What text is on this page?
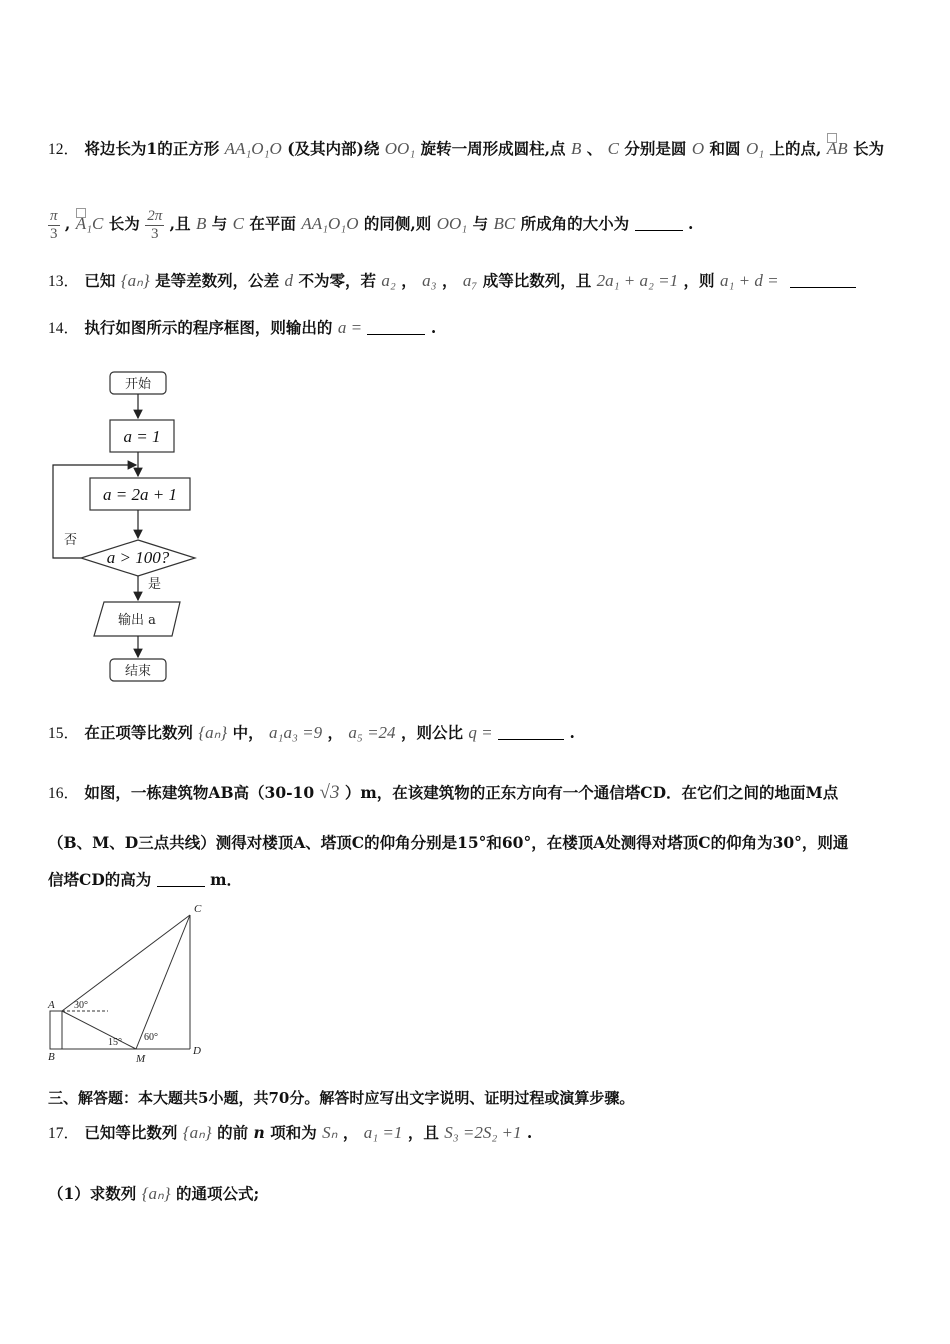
12． 将边长为1的正方形 AA₁O₁O (及其内部)绕 OO₁ 旋转一周形成圆柱,点 B 、 C 分别是圆 O 和圆 O₁ 上的点, AB 长为
$\frac{\pi}{3}$ , A₁C 长为 $\frac{2\pi}{3}$ ,且 B 与 C 在平面 AA₁O₁O 的同侧,则 OO₁ 与 BC 所成角的大小为	.
13． 已知 {aₙ} 是等差数列，公差 d 不为零，若 a₂ ， a₃ ， a₇ 成等比数列，且 2a₁ + a₂ =1 ，则 a₁ + d =
14． 执行如图所示的程序框图，则输出的 a =	.
开始
a = 1
a = 2a + 1
a > 100?
否
是
输出 a
结束
15． 在正项等比数列 {aₙ} 中， a₁a₃ =9 ， a₅ =24 ，则公比 q =	.
16． 如图，一栋建筑物AB高（30-10 √3 ）m，在该建筑物的正东方向有一个通信塔CD．在它们之间的地面M点
（B、M、D三点共线）测得对楼顶A、塔顶C的仰角分别是15°和60°，在楼顶A处测得对塔顶C的仰角为30°，则通
信塔CD的高为	m．
A
B
C
D
M
30°
15° 60°
三、解答题：本大题共5小题，共70分。解答时应写出文字说明、证明过程或演算步骤。
17． 已知等比数列 {aₙ} 的前 n 项和为 Sₙ ， a₁ =1 ，且 S₃ =2S₂ +1 .
（1）求数列 {aₙ} 的通项公式;
